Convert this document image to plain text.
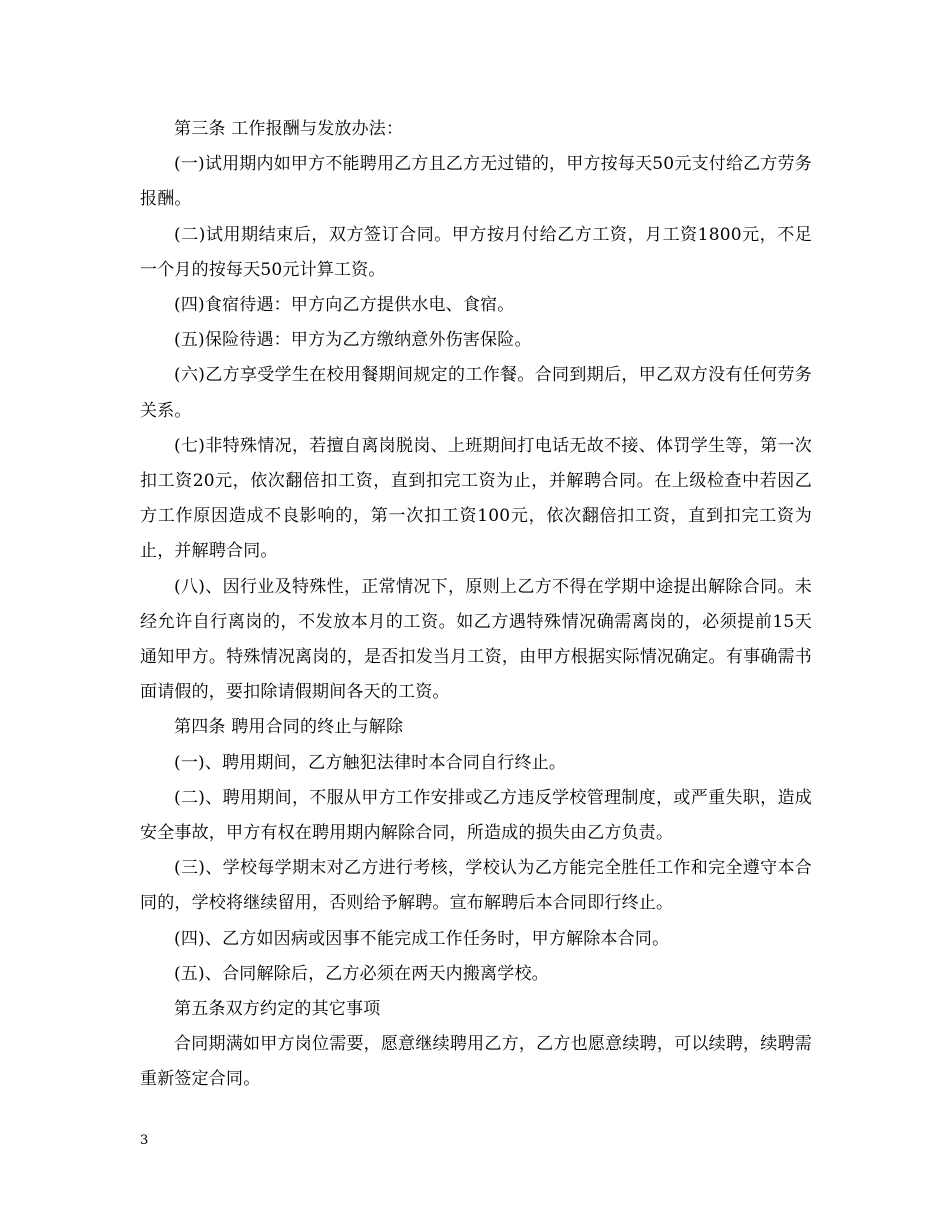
第三条 工作报酬与发放办法：

(一)试用期内如甲方不能聘用乙方且乙方无过错的，甲方按每天50元支付给乙方劳务报酬。

(二)试用期结束后，双方签订合同。甲方按月付给乙方工资，月工资1800元，不足一个月的按每天50元计算工资。

(四)食宿待遇：甲方向乙方提供水电、食宿。

(五)保险待遇：甲方为乙方缴纳意外伤害保险。

(六)乙方享受学生在校用餐期间规定的工作餐。合同到期后，甲乙双方没有任何劳务关系。

(七)非特殊情况，若擅自离岗脱岗、上班期间打电话无故不接、体罚学生等，第一次扣工资20元，依次翻倍扣工资，直到扣完工资为止，并解聘合同。在上级检查中若因乙方工作原因造成不良影响的，第一次扣工资100元，依次翻倍扣工资，直到扣完工资为止，并解聘合同。

(八)、因行业及特殊性，正常情况下，原则上乙方不得在学期中途提出解除合同。未经允许自行离岗的，不发放本月的工资。如乙方遇特殊情况确需离岗的，必须提前15天通知甲方。特殊情况离岗的，是否扣发当月工资，由甲方根据实际情况确定。有事确需书面请假的，要扣除请假期间各天的工资。

第四条 聘用合同的终止与解除

(一)、聘用期间，乙方触犯法律时本合同自行终止。

(二)、聘用期间，不服从甲方工作安排或乙方违反学校管理制度，或严重失职，造成安全事故，甲方有权在聘用期内解除合同，所造成的损失由乙方负责。

(三)、学校每学期末对乙方进行考核，学校认为乙方能完全胜任工作和完全遵守本合同的，学校将继续留用，否则给予解聘。宣布解聘后本合同即行终止。

(四)、乙方如因病或因事不能完成工作任务时，甲方解除本合同。

(五)、合同解除后，乙方必须在两天内搬离学校。

第五条双方约定的其它事项

合同期满如甲方岗位需要，愿意继续聘用乙方，乙方也愿意续聘，可以续聘，续聘需重新签定合同。

3
